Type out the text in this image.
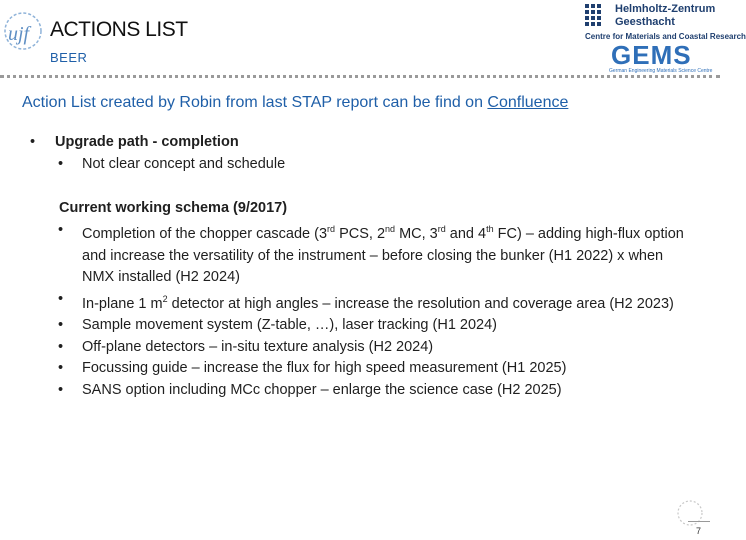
ujf ACTIONS LIST
BEER
Helmholtz-Zentrum
Geesthacht
Centre for Materials and Coastal Research
GEMS
German Engineering Materials Science Centre
Action List created by Robin from last STAP report can be find on Confluence
• Upgrade path - completion
• Not clear concept and schedule
Current working schema (9/2017)
• Completion of the chopper cascade (3rd PCS, 2nd MC, 3rd and 4th FC) – adding high-flux option and increase the versatility of the instrument – before closing the bunker (H1 2022) x when NMX installed (H2 2024)
• In-plane 1 $m^2$ detector at high angles – increase the resolution and coverage area (H2 2023)
• Sample movement system (Z-table, …), laser tracking (H1 2024)
• Off-plane detectors – in-situ texture analysis (H2 2024)
• Focussing guide – increase the flux for high speed measurement (H1 2025)
• SANS option including MCc chopper – enlarge the science case (H2 2025)
7
